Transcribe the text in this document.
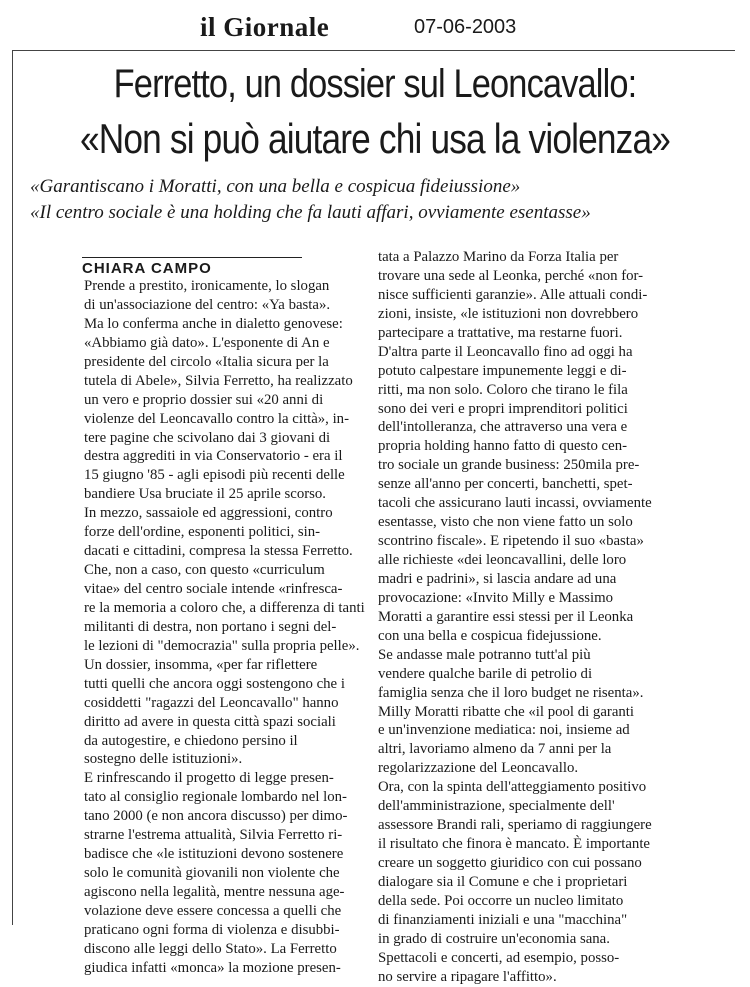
il Giornale	07-06-2003
Ferretto, un dossier sul Leoncavallo:
«Non si può aiutare chi usa la violenza»
«Garantiscano i Moratti, con una bella e cospicua fideiussione»
«Il centro sociale è una holding che fa lauti affari, ovviamente esentasse»
CHIARA CAMPO
Prende a prestito, ironicamente, lo slogan
di un'associazione del centro: «Ya basta».
Ma lo conferma anche in dialetto genovese:
«Abbiamo già dato». L'esponente di An e
presidente del circolo «Italia sicura per la
tutela di Abele», Silvia Ferretto, ha realizzato
un vero e proprio dossier sui «20 anni di
violenze del Leoncavallo contro la città», in-
tere pagine che scivolano dai 3 giovani di
destra aggrediti in via Conservatorio - era il
15 giugno '85 - agli episodi più recenti delle
bandiere Usa bruciate il 25 aprile scorso.
In mezzo, sassaiole ed aggressioni, contro
forze dell'ordine, esponenti politici, sin-
dacati e cittadini, compresa la stessa Ferretto.
Che, non a caso, con questo «curriculum
vitae» del centro sociale intende «rinfresca-
re la memoria a coloro che, a differenza di tanti
militanti di destra, non portano i segni del-
le lezioni di "democrazia" sulla propria pelle».
Un dossier, insomma, «per far riflettere
tutti quelli che ancora oggi sostengono che i
cosiddetti "ragazzi del Leoncavallo" hanno
diritto ad avere in questa città spazi sociali
da autogestire, e chiedono persino il
sostegno delle istituzioni».
E rinfrescando il progetto di legge presen-
tato al consiglio regionale lombardo nel lon-
tano 2000 (e non ancora discusso) per dimo-
strarne l'estrema attualità, Silvia Ferretto ri-
badisce che «le istituzioni devono sostenere
solo le comunità giovanili non violente che
agiscono nella legalità, mentre nessuna age-
volazione deve essere concessa a quelli che
praticano ogni forma di violenza e disubbi-
discono alle leggi dello Stato». La Ferretto
giudica infatti «monca» la mozione presen-
tata a Palazzo Marino da Forza Italia per
trovare una sede al Leonka, perché «non for-
niscе sufficienti garanzie». Alle attuali condi-
zioni, insiste, «le istituzioni non dovrebbero
partecipare a trattative, ma restarne fuori.
D'altra parte il Leoncavallo fino ad oggi ha
potuto calpestare impunemente leggi e di-
ritti, ma non solo. Coloro che tirano le fila
sono dei veri e propri imprenditori politici
dell'intolleranza, che attraverso una vera e
propria holding hanno fatto di questo cen-
tro sociale un grande business: 250mila pre-
senze all'anno per concerti, banchetti, spet-
tacoli che assicurano lauti incassi, ovviamente
esentasse, visto che non viene fatto un solo
scontrino fiscale». E ripetendo il suo «basta»
alle richieste «dei leoncavallini, delle loro
madri e padrini», si lascia andare ad una
provocazione: «Invito Milly e Massimo
Moratti a garantire essi stessi per il Leonka
con una bella e cospicua fidejussione.
Se andasse male potranno tutt'al più
vendere qualche barile di petrolio di
famiglia senza che il loro budget ne risenta».
Milly Moratti ribatte che «il pool di garanti
e un'invenzione mediatica: noi, insieme ad
altri, lavoriamo almeno da 7 anni per la
regolarizzazione del Leoncavallo.
Ora, con la spinta dell'atteggiamento positivo
dell'amministrazione, specialmente dell'
assessore Brandi rali, speriamo di raggiungere
il risultato che finora è mancato. È importante
creare un soggetto giuridico con cui possano
dialogare sia il Comune e che i proprietari
della sede. Poi occorre un nucleo limitato
di finanziamenti iniziali e una "macchina"
in grado di costruire un'economia sana.
Spettacoli e concerti, ad esempio, posso-
no servire a ripagare l'affitto».
